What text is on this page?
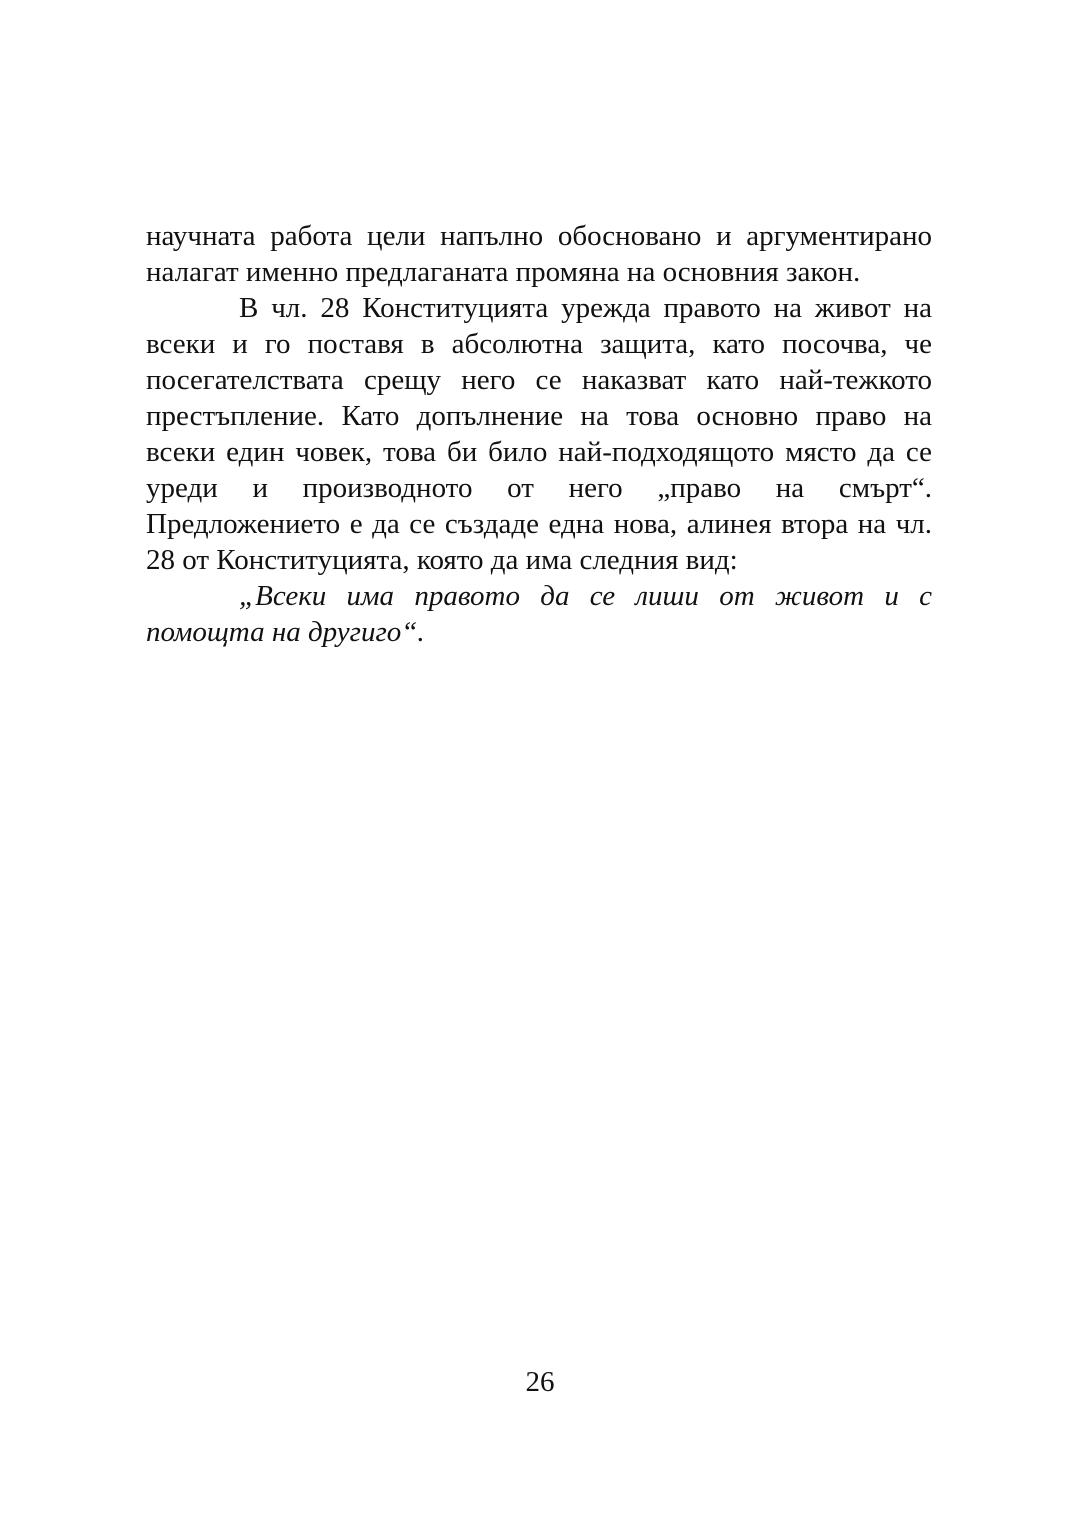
научната работа цели напълно обосновано и аргументирано налагат именно предлаганата промяна на основния закон.

В чл. 28 Конституцията урежда правото на живот на всеки и го поставя в абсолютна защита, като посочва, че посегателствата срещу него се наказват като най-тежкото престъпление. Като допълнение на това основно право на всеки един човек, това би било най-подходящото място да се уреди и производното от него „право на смърт“. Предложението е да се създаде една нова, алинея втора на чл. 28 от Конституцията, която да има следния вид:

„Всеки има правото да се лиши от живот и с помощта на другиго“.

26
